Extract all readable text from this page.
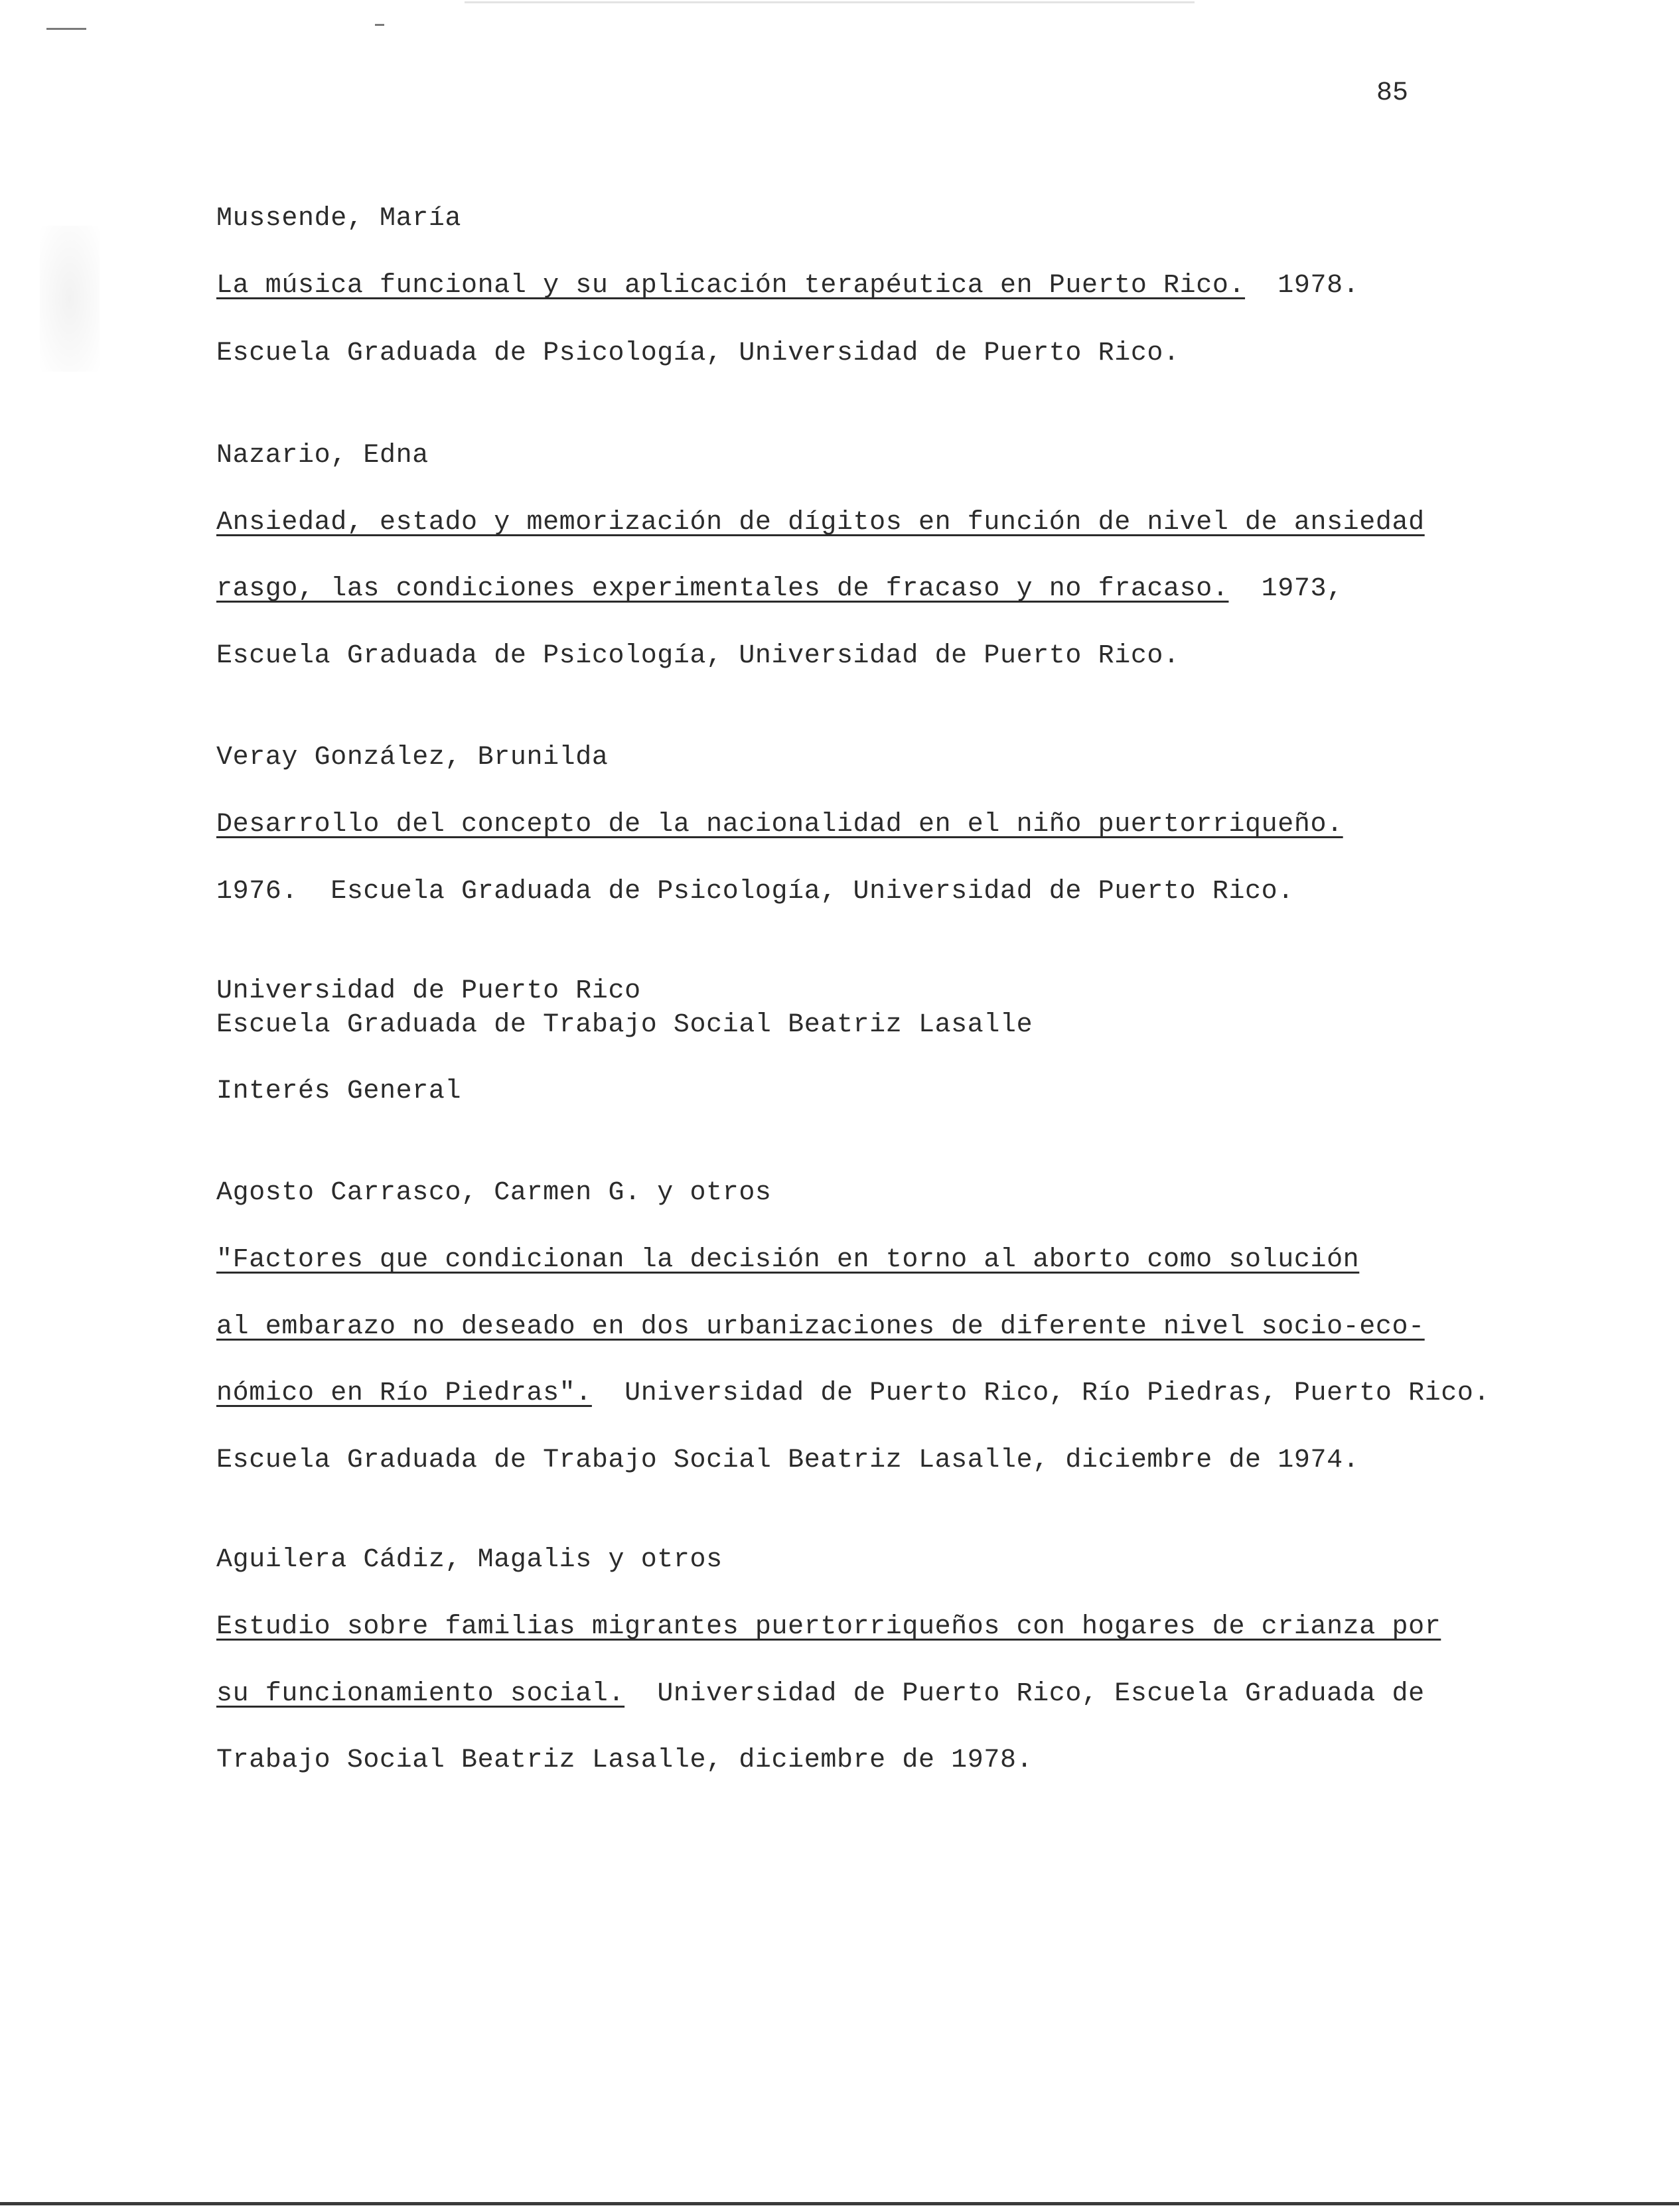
85
Mussende, María
La música funcional y su aplicación terapéutica en Puerto Rico.  1978.
Escuela Graduada de Psicología, Universidad de Puerto Rico.
Nazario, Edna
Ansiedad, estado y memorización de dígitos en función de nivel de ansiedad
rasgo, las condiciones experimentales de fracaso y no fracaso.  1973,
Escuela Graduada de Psicología, Universidad de Puerto Rico.
Veray González, Brunilda
Desarrollo del concepto de la nacionalidad en el niño puertorriqueño.
1976.  Escuela Graduada de Psicología, Universidad de Puerto Rico.
Universidad de Puerto Rico
Escuela Graduada de Trabajo Social Beatriz Lasalle
Interés General
Agosto Carrasco, Carmen G. y otros
"Factores que condicionan la decisión en torno al aborto como solución
al embarazo no deseado en dos urbanizaciones de diferente nivel socio-eco-
nómico en Río Piedras".  Universidad de Puerto Rico, Río Piedras, Puerto Rico.
Escuela Graduada de Trabajo Social Beatriz Lasalle, diciembre de 1974.
Aguilera Cádiz, Magalis y otros
Estudio sobre familias migrantes puertorriqueños con hogares de crianza por
su funcionamiento social.  Universidad de Puerto Rico, Escuela Graduada de
Trabajo Social Beatriz Lasalle, diciembre de 1978.
